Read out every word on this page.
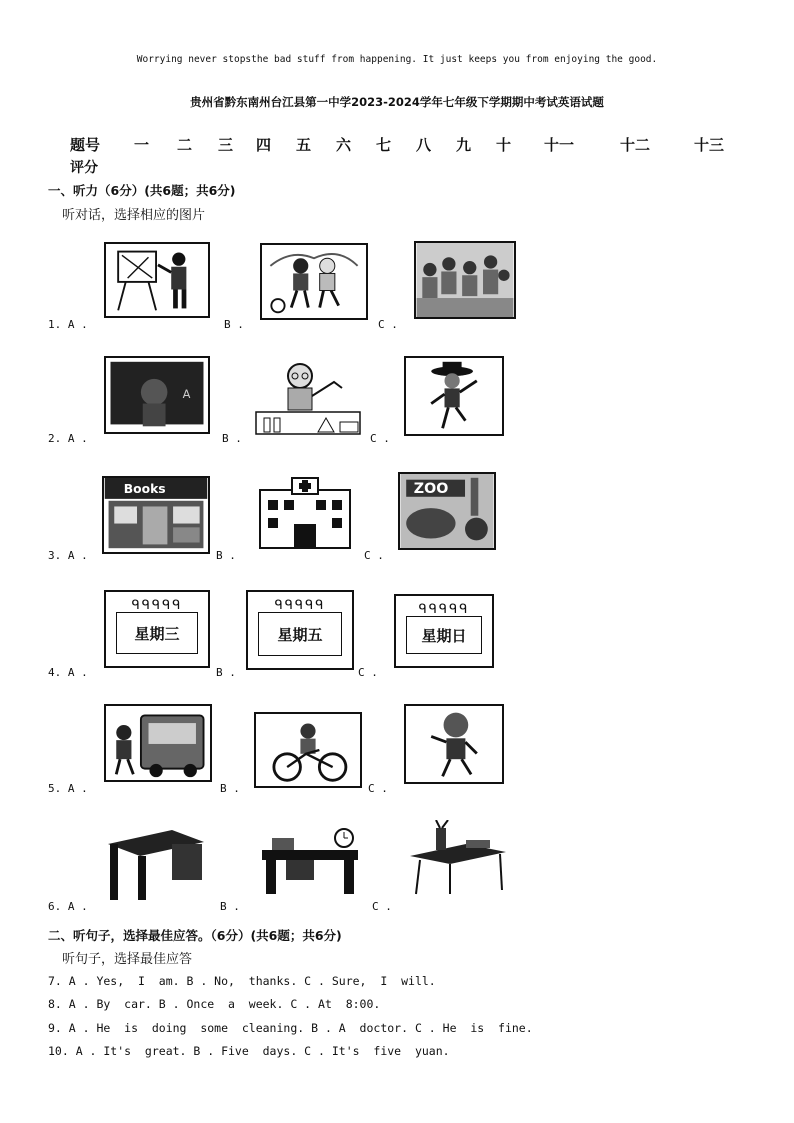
Worrying never stopsthe bad stuff from happening. It just keeps you from enjoying the good.
贵州省黔东南州台江县第一中学2023-2024学年七年级下学期期中考试英语试题
题号 一 二 三 四 五 六 七 八 九 十 十一	十二	十三
评分
一、听力（6分）(共6题；共6分)
听对话，选择相应的图片
1. A .	B .	C .
2. A .	B .	C .
A
3. A .	B .	C .
Books	ZOO
4. A .	B .	C .
ᑫᑫᑫᑫᑫ
星期三
ᑫᑫᑫᑫᑫ
星期五
ᑫᑫᑫᑫᑫ
星期日
5. A .	B .	C .
6. A .	B .	C .
二、听句子，选择最佳应答。（6分）(共6题；共6分)
听句子，选择最佳应答
7. A . Yes,  I  am. B . No,  thanks. C . Sure,  I  will.
8. A . By  car. B . Once  a  week. C . At  8:00.
9. A . He  is  doing  some  cleaning. B . A  doctor. C . He  is  fine.
10. A . It's  great. B . Five  days. C . It's  five  yuan.
